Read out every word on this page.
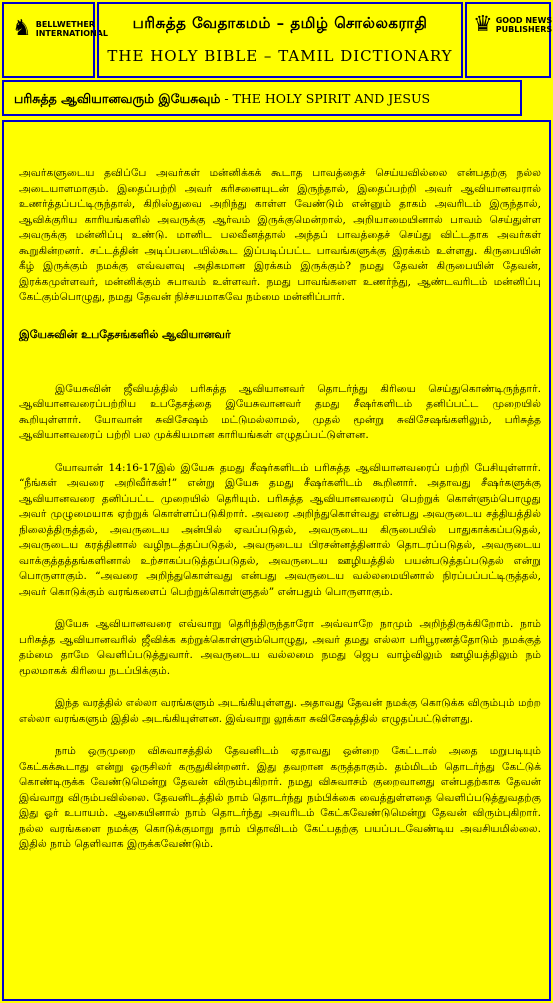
♞ BELLWETHER
INTERNATIONAL
பரிசுத்த வேதாகமம் – தமிழ் சொல்லகராதி
THE HOLY BIBLE – TAMIL DICTIONARY
♛ GOOD NEWS
PUBLISHERS
பரிசுத்த ஆவியானவரும் இயேசுவும் - THE HOLY SPIRIT AND JESUS

அவர்களுடைய தவிப்பே அவர்கள் மன்னிக்கக் கூடாத பாவத்தைச் செய்யவில்லை என்பதற்கு நல்ல அடையாளமாகும். இதைப்பற்றி அவர் கரிசனையுடன் இருந்தால், இதைப்பற்றி அவர் ஆவியானவரால் உணர்த்தப்பட்டிருந்தால், கிறிஸ்துவை அறிந்து காள்ள வேண்டும் என்னும் தாகம் அவரிடம் இருந்தால், ஆவிக்குரிய காரியங்களில் அவருக்கு ஆர்வம் இருக்குமென்றால், அறியாமையினால் பாவம் செய்துள்ள அவருக்கு மன்னிப்பு உண்டு. மானிட பலவீனத்தால் அந்தப் பாவத்தைச் செய்து விட்டதாக அவர்கள் கூறுகின்றனர். சட்டத்தின் அடிப்படையில்கூட இப்படிப்பட்ட பாவங்களுக்கு இரக்கம் உள்ளது. கிருபையின் கீழ் இருக்கும் நமக்கு எவ்வளவு அதிகமான இரக்கம் இருக்கும்? நமது தேவன் கிருபையின் தேவன், இரக்கமுள்ளவர், மன்னிக்கும் சுபாவம் உள்ளவர். நமது பாவங்களை உணர்ந்து, ஆண்டவரிடம் மன்னிப்பு கேட்கும்பொழுது, நமது தேவன் நிச்சயமாகவே நம்மை மன்னிப்பார்.

இயேசுவின் உபதேசங்களில் ஆவியானவர்

இயேசுவின் ஜீவியத்தில் பரிசுத்த ஆவியானவர் தொடர்ந்து கிரியை செய்துகொண்டிருந்தார். ஆவியானவரைப்பற்றிய உபதேசத்தை இயேசுவானவர் தமது சீஷர்களிடம் தனிப்பட்ட முறையில் கூறியுள்ளார். யோவான் சுவிசேஷம் மட்டுமல்லாமல், முதல் மூன்று சுவிசேஷங்களிலும், பரிசுத்த ஆவியானவரைப் பற்றி பல முக்கியமான காரியங்கள் எழுதப்பட்டுள்ளன.

யோவான் 14:16-17இல் இயேசு தமது சீஷர்களிடம் பரிசுத்த ஆவியானவரைப் பற்றி பேசியுள்ளார். “நீங்கள் அவரை அறிவீர்கள்!” என்று இயேசு தமது சீஷர்களிடம் கூறினார். அதாவது சீஷர்களுக்கு ஆவியானவரை தனிப்பட்ட முறையில் தெரியும். பரிசுத்த ஆவியானவரைப் பெற்றுக் கொள்ளும்பொழுது அவர் முழுமையாக ஏற்றுக் கொள்ளப்படுகிறார். அவரை அறிந்துகொள்வது என்பது அவருடைய சத்தியத்தில் நிலைத்திருத்தல், அவருடைய அன்பில் ஏவப்படுதல், அவருடைய கிருபையில் பாதுகாக்கப்படுதல், அவருடைய கரத்தினால் வழிநடத்தப்படுதல், அவருடைய பிரசன்னத்தினால் தொடரப்படுதல், அவருடைய வாக்குத்தத்தங்களினால் உற்சாகப்படுத்தப்படுதல், அவருடைய ஊழியத்தில் பயன்படுத்தப்படுதல் என்று பொருளாகும். “அவரை அறிந்துகொள்வது என்பது அவருடைய வல்லமையினால் நிரப்பப்பட்டிருத்தல், அவர் கொடுக்கும் வரங்களைப் பெற்றுக்கொள்ளுதல்” என்பதும் பொருளாகும்.

இயேசு ஆவியானவரை எவ்வாறு தெரிந்திருந்தாரோ அவ்வாறே நாமும் அறிந்திருக்கிறோம். நாம் பரிசுத்த ஆவியானவரில் ஜீவிக்க கற்றுக்கொள்ளும்பொழுது, அவர் தமது எல்லா பரிபூரணத்தோடும் நமக்குத் தம்மை தாமே வெளிப்படுத்துவார். அவருடைய வல்லமை நமது ஜெப வாழ்விலும் ஊழியத்திலும் நம் மூலமாகக் கிரியை நடப்பிக்கும்.

இந்த வரத்தில் எல்லா வரங்களும் அடங்கியுள்ளது. அதாவது தேவன் நமக்கு கொடுக்க விரும்பும் மற்ற எல்லா வரங்களும் இதில் அடங்கியுள்ளன. இவ்வாறு லூக்கா சுவிசேஷத்தில் எழுதப்பட்டுள்ளது.

நாம் ஒருமுறை விசுவாசத்தில் தேவனிடம் ஏதாவது ஒன்றை கேட்டால் அதை மறுபடியும் கேட்கக்கூடாது என்று ஒருசிலர் கருதுகின்றனர். இது தவறான கருத்தாகும். தம்மிடம் தொடர்ந்து கேட்டுக் கொண்டிருக்க வேண்டுமென்று தேவன் விரும்புகிறார். நமது விசுவாசம் குறைவானது என்பதற்காக தேவன் இவ்வாறு விரும்பவில்லை. தேவனிடத்தில் நாம் தொடர்ந்து நம்பிக்கை வைத்துள்ளதை வெளிப்படுத்துவதற்கு இது ஓர் உபாயம். ஆகையினால் நாம் தொடர்ந்து அவரிடம் கேட்கவேண்டுமென்று தேவன் விரும்புகிறார். நல்ல வரங்களை நமக்கு கொடுக்குமாறு நாம் பிதாவிடம் கேட்பதற்கு பயப்படவேண்டிய அவசியமில்லை. இதில் நாம் தெளிவாக இருக்கவேண்டும்.
